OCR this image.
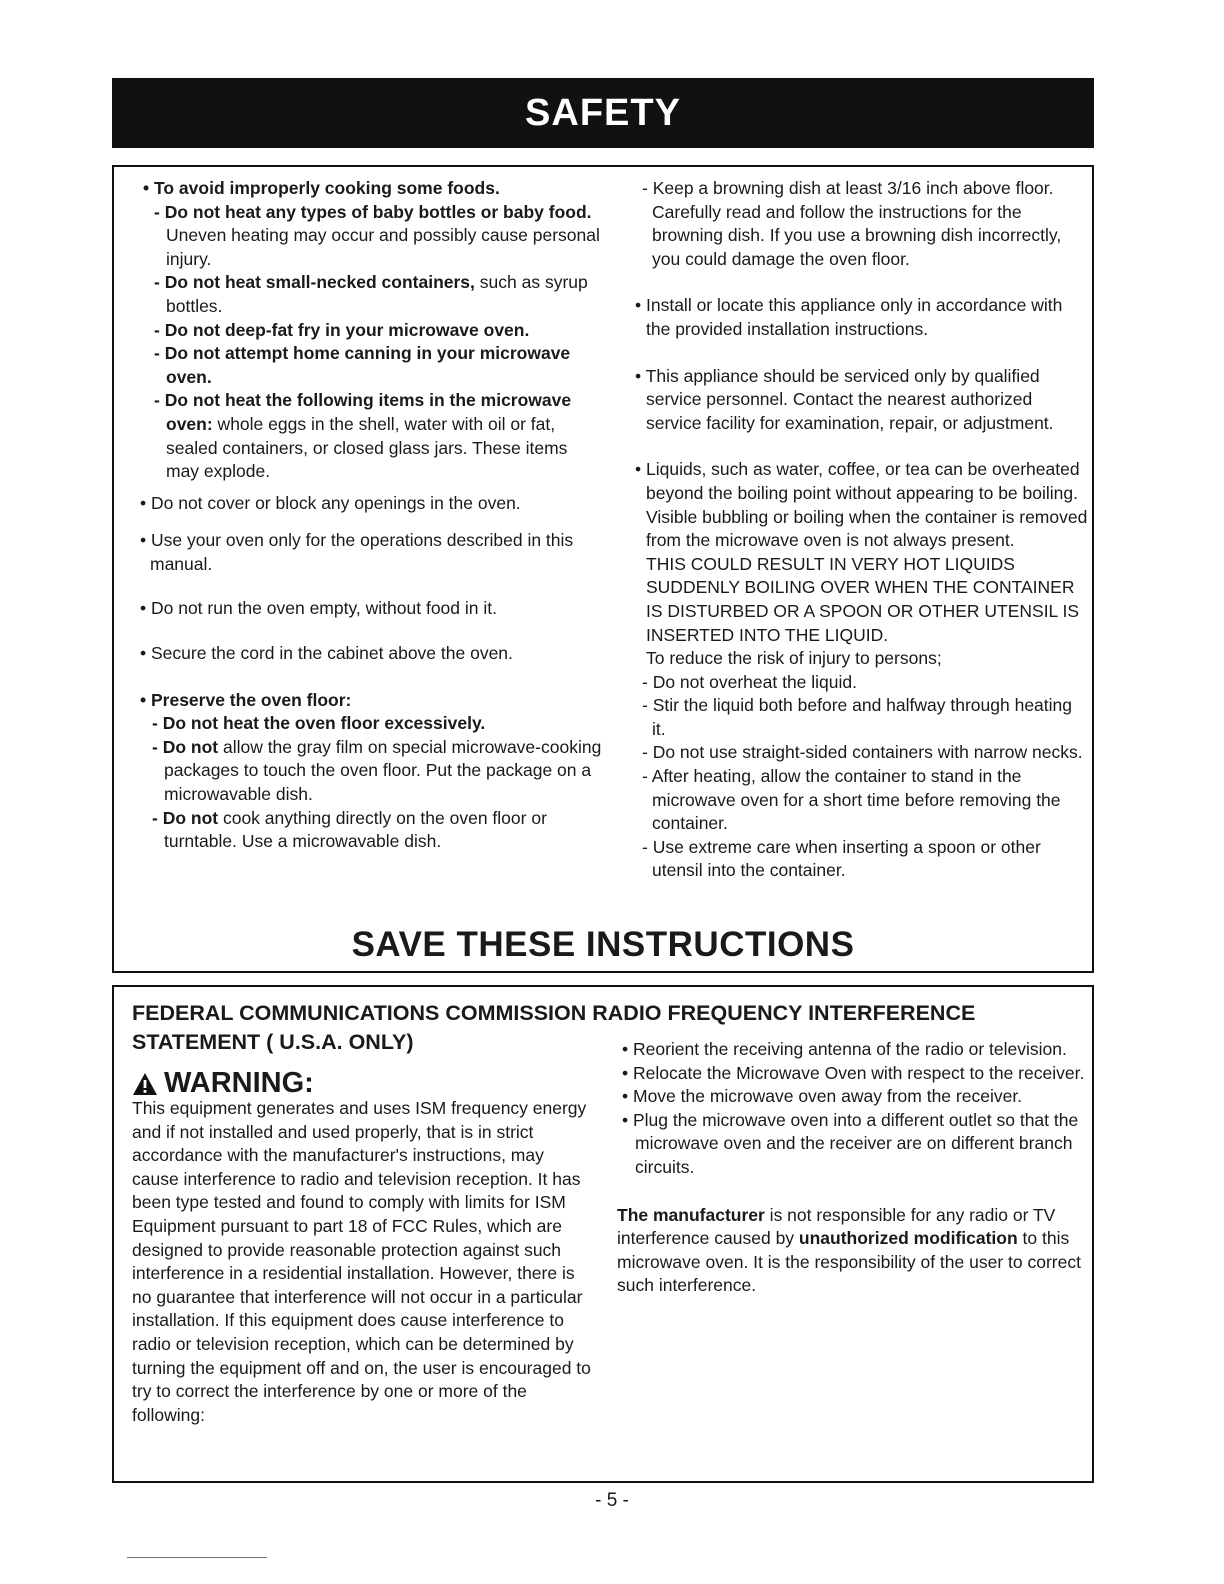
SAFETY

• To avoid improperly cooking some foods.

- Do not heat any types of baby bottles or baby food. Uneven heating may occur and possibly cause personal injury.

- Do not heat small-necked containers, such as syrup bottles.

- Do not deep-fat fry in your microwave oven.

- Do not attempt home canning in your microwave oven.

- Do not heat the following items in the microwave oven: whole eggs in the shell, water with oil or fat, sealed containers, or closed glass jars. These items may explode.

• Do not cover or block any openings in the oven.

• Use your oven only for the operations described in this manual.

• Do not run the oven empty, without food in it.

• Secure the cord in the cabinet above the oven.

• Preserve the oven floor:

- Do not heat the oven floor excessively.

- Do not allow the gray film on special microwave-cooking packages to touch the oven floor. Put the package on a microwavable dish.

- Do not cook anything directly on the oven floor or turntable. Use a microwavable dish.

- Keep a browning dish at least 3/16 inch above floor. Carefully read and follow the instructions for the browning dish. If you use a browning dish incorrectly, you could damage the oven floor.

• Install or locate this appliance only in accordance with the provided installation instructions.

• This appliance should be serviced only by qualified service personnel. Contact the nearest authorized service facility for examination, repair, or adjustment.

• Liquids, such as water, coffee, or tea can be overheated beyond the boiling point without appearing to be boiling. Visible bubbling or boiling when the container is removed from the microwave oven is not always present.

THIS COULD RESULT IN VERY HOT LIQUIDS SUDDENLY BOILING OVER WHEN THE CONTAINER IS DISTURBED OR A SPOON OR OTHER UTENSIL IS INSERTED INTO THE LIQUID.

To reduce the risk of injury to persons;

- Do not overheat the liquid.

- Stir the liquid both before and halfway through heating it.

- Do not use straight-sided containers with narrow necks.

- After heating, allow the container to stand in the microwave oven for a short time before removing the container.

- Use extreme care when inserting a spoon or other utensil into the container.

SAVE THESE INSTRUCTIONS
FEDERAL COMMUNICATIONS COMMISSION RADIO FREQUENCY INTERFERENCE STATEMENT ( U.S.A. ONLY)
WARNING:

This equipment generates and uses ISM frequency energy and if not installed and used properly, that is in strict accordance with the manufacturer's instructions, may cause interference to radio and television reception. It has been type tested and found to comply with limits for ISM Equipment pursuant to part 18 of FCC Rules, which are designed to provide reasonable protection against such interference in a residential installation. However, there is no guarantee that interference will not occur in a particular installation. If this equipment does cause interference to radio or television reception, which can be determined by turning the equipment off and on, the user is encouraged to try to correct the interference by one or more of the following:

• Reorient the receiving antenna of the radio or television.

• Relocate the Microwave Oven with respect to the receiver.

• Move the microwave oven away from the receiver.

• Plug the microwave oven into a different outlet so that the microwave oven and the receiver are on different branch circuits.

The manufacturer is not responsible for any radio or TV interference caused by unauthorized modification to this microwave oven. It is the responsibility of the user to correct such interference.

- 5 -
